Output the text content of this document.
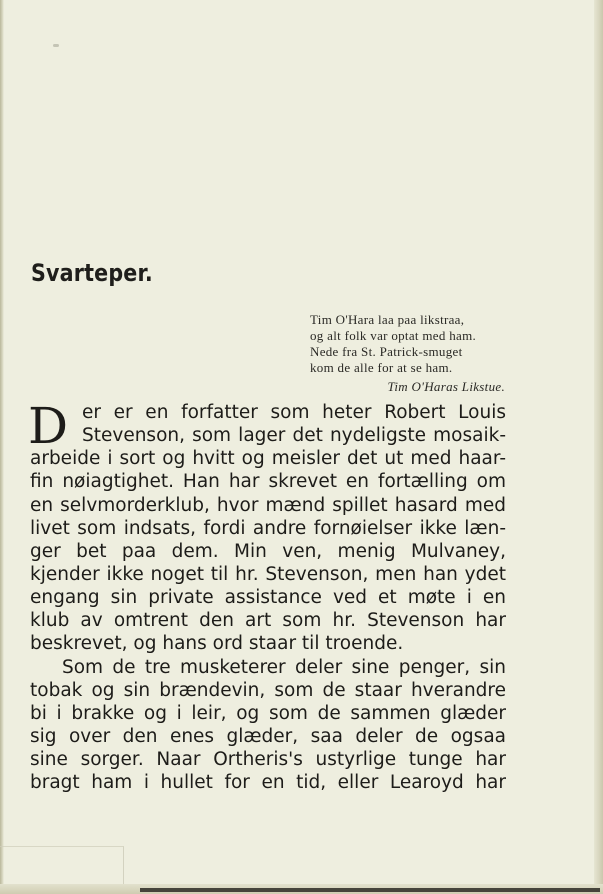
Svarteper.
Tim O'Hara laa paa likstraa,
og alt folk var optat med ham.
Nede fra St. Patrick-smuget
kom de alle for at se ham.
Tim O'Haras Likstue.
D er er en forfatter som heter Robert Louis
Stevenson, som lager det nydeligste mosaik-
arbeide i sort og hvitt og meisler det ut med haar-
fin nøiagtighet. Han har skrevet en fortælling om
en selvmorderklub, hvor mænd spillet hasard med
livet som indsats, fordi andre fornøielser ikke læn-
ger bet paa dem. Min ven, menig Mulvaney,
kjender ikke noget til hr. Stevenson, men han ydet
engang sin private assistance ved et møte i en
klub av omtrent den art som hr. Stevenson har
beskrevet, og hans ord staar til troende.
Som de tre musketerer deler sine penger, sin
tobak og sin brændevin, som de staar hverandre
bi i brakke og i leir, og som de sammen glæder
sig over den enes glæder, saa deler de ogsaa
sine sorger. Naar Ortheris's ustyrlige tunge har
bragt ham i hullet for en tid, eller Learoyd har
